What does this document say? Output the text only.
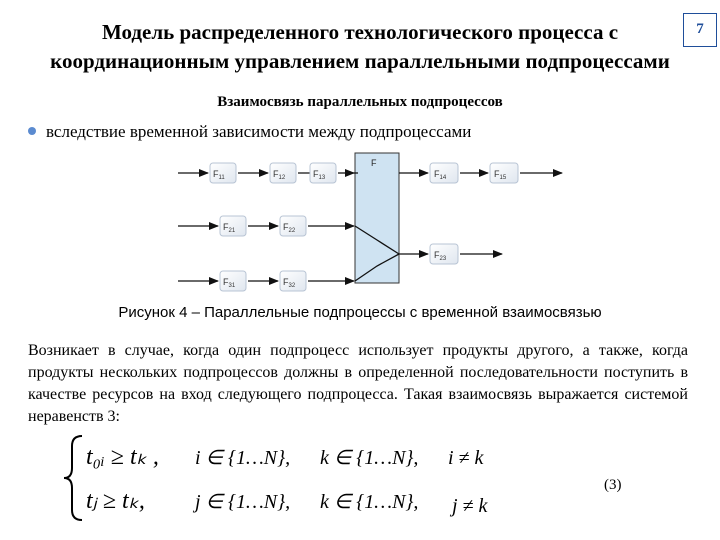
Модель распределенного технологического процесса с
координационным управлением параллельными подпроцессами
7
Взаимосвязь параллельных подпроцессов
вследствие временной зависимости между подпроцессами
F
$F_{11}$	$F_{12}$	$F_{13}$	$F_{14}$	$F_{15}$
$F_{21}$	$F_{22}$
$F_{23}$
$F_{31}$	$F_{32}$
Рисунок 4 – Параллельные подпроцессы с временной взаимосвязью
Возникает в случае, когда один подпроцесс использует продукты другого, а также, когда продукты нескольких подпроцессов должны в определенной последовательности поступить в качестве ресурсов на вход следующего подпроцесса. Такая взаимосвязь выражается системой неравенств 3:
t₀ᵢ ≥ tₖ , i ∈ {1…N}, k ∈ {1…N}, i ≠ k
tⱼ ≥ tₖ,	j ∈ {1…N}, k ∈ {1…N}, j ≠ k
(3)
